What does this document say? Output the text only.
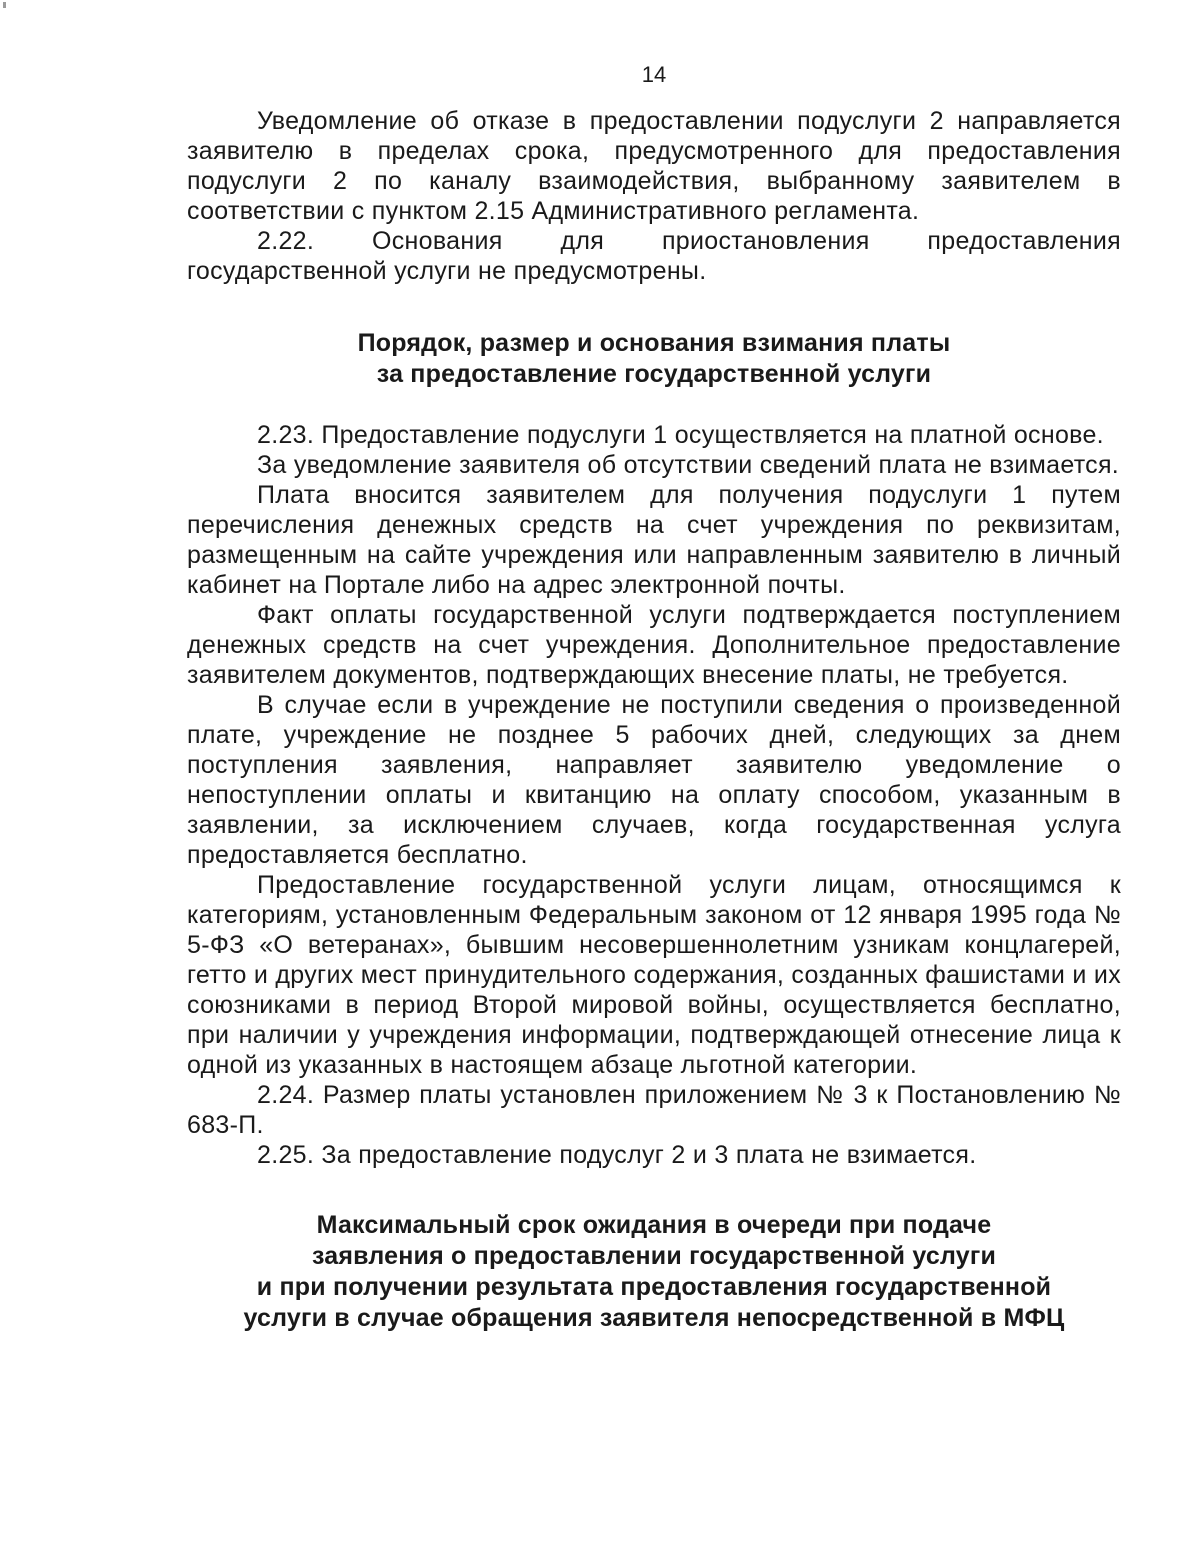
14

Уведомление об отказе в предоставлении подуслуги 2 направляется заявителю в пределах срока, предусмотренного для предоставления подуслуги 2 по каналу взаимодействия, выбранному заявителем в соответствии с пунктом 2.15 Административного регламента.

2.22. Основания для приостановления предоставления государственной услуги не предусмотрены.

Порядок, размер и основания взимания платы
за предоставление государственной услуги

2.23. Предоставление подуслуги 1 осуществляется на платной основе.

За уведомление заявителя об отсутствии сведений плата не взимается.

Плата вносится заявителем для получения подуслуги 1 путем перечисления денежных средств на счет учреждения по реквизитам, размещенным на сайте учреждения или направленным заявителю в личный кабинет на Портале либо на адрес электронной почты.

Факт оплаты государственной услуги подтверждается поступлением денежных средств на счет учреждения. Дополнительное предоставление заявителем документов, подтверждающих внесение платы, не требуется.

В случае если в учреждение не поступили сведения о произведенной плате, учреждение не позднее 5 рабочих дней, следующих за днем поступления заявления, направляет заявителю уведомление о непоступлении оплаты и квитанцию на оплату способом, указанным в заявлении, за исключением случаев, когда государственная услуга предоставляется бесплатно.

Предоставление государственной услуги лицам, относящимся к категориям, установленным Федеральным законом от 12 января 1995 года № 5-ФЗ «О ветеранах», бывшим несовершеннолетним узникам концлагерей, гетто и других мест принудительного содержания, созданных фашистами и их союзниками в период Второй мировой войны, осуществляется бесплатно, при наличии у учреждения информации, подтверждающей отнесение лица к одной из указанных в настоящем абзаце льготной категории.

2.24. Размер платы установлен приложением № 3 к Постановлению № 683-П.

2.25. За предоставление подуслуг 2 и 3 плата не взимается.

Максимальный срок ожидания в очереди при подаче
заявления о предоставлении государственной услуги
и при получении результата предоставления государственной
услуги в случае обращения заявителя непосредственной в МФЦ
